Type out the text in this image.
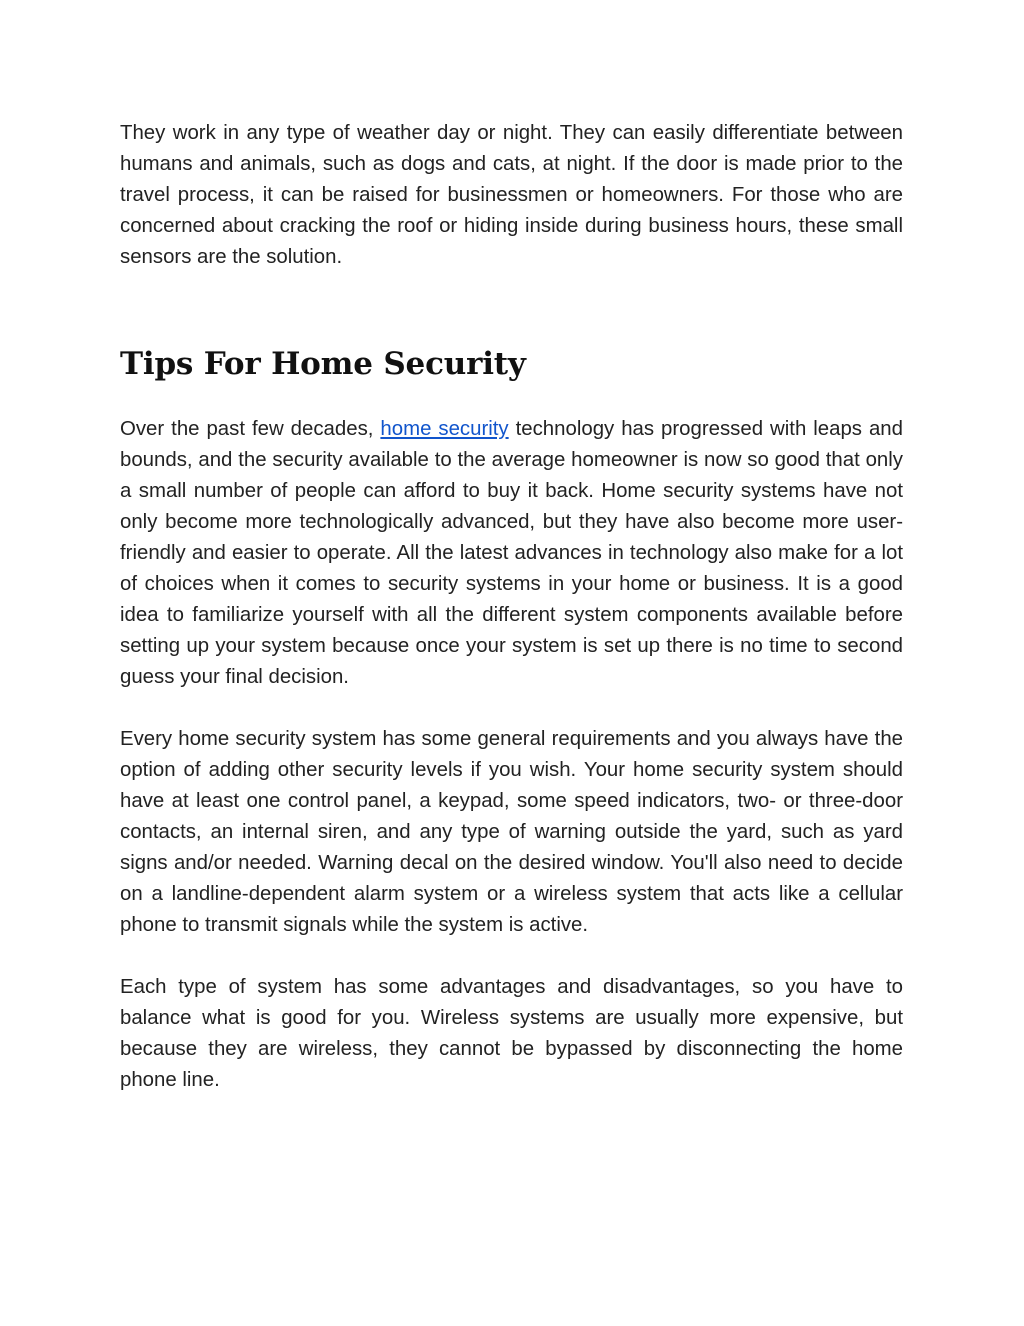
They work in any type of weather day or night. They can easily differentiate between humans and animals, such as dogs and cats, at night. If the door is made prior to the travel process, it can be raised for businessmen or homeowners. For those who are concerned about cracking the roof or hiding inside during business hours, these small sensors are the solution.

Tips For Home Security

Over the past few decades, home security technology has progressed with leaps and bounds, and the security available to the average homeowner is now so good that only a small number of people can afford to buy it back. Home security systems have not only become more technologically advanced, but they have also become more user-friendly and easier to operate. All the latest advances in technology also make for a lot of choices when it comes to security systems in your home or business. It is a good idea to familiarize yourself with all the different system components available before setting up your system because once your system is set up there is no time to second guess your final decision.

Every home security system has some general requirements and you always have the option of adding other security levels if you wish. Your home security system should have at least one control panel, a keypad, some speed indicators, two- or three-door contacts, an internal siren, and any type of warning outside the yard, such as yard signs and/or needed. Warning decal on the desired window. You'll also need to decide on a landline-dependent alarm system or a wireless system that acts like a cellular phone to transmit signals while the system is active.

Each type of system has some advantages and disadvantages, so you have to balance what is good for you. Wireless systems are usually more expensive, but because they are wireless, they cannot be bypassed by disconnecting the home phone line.
